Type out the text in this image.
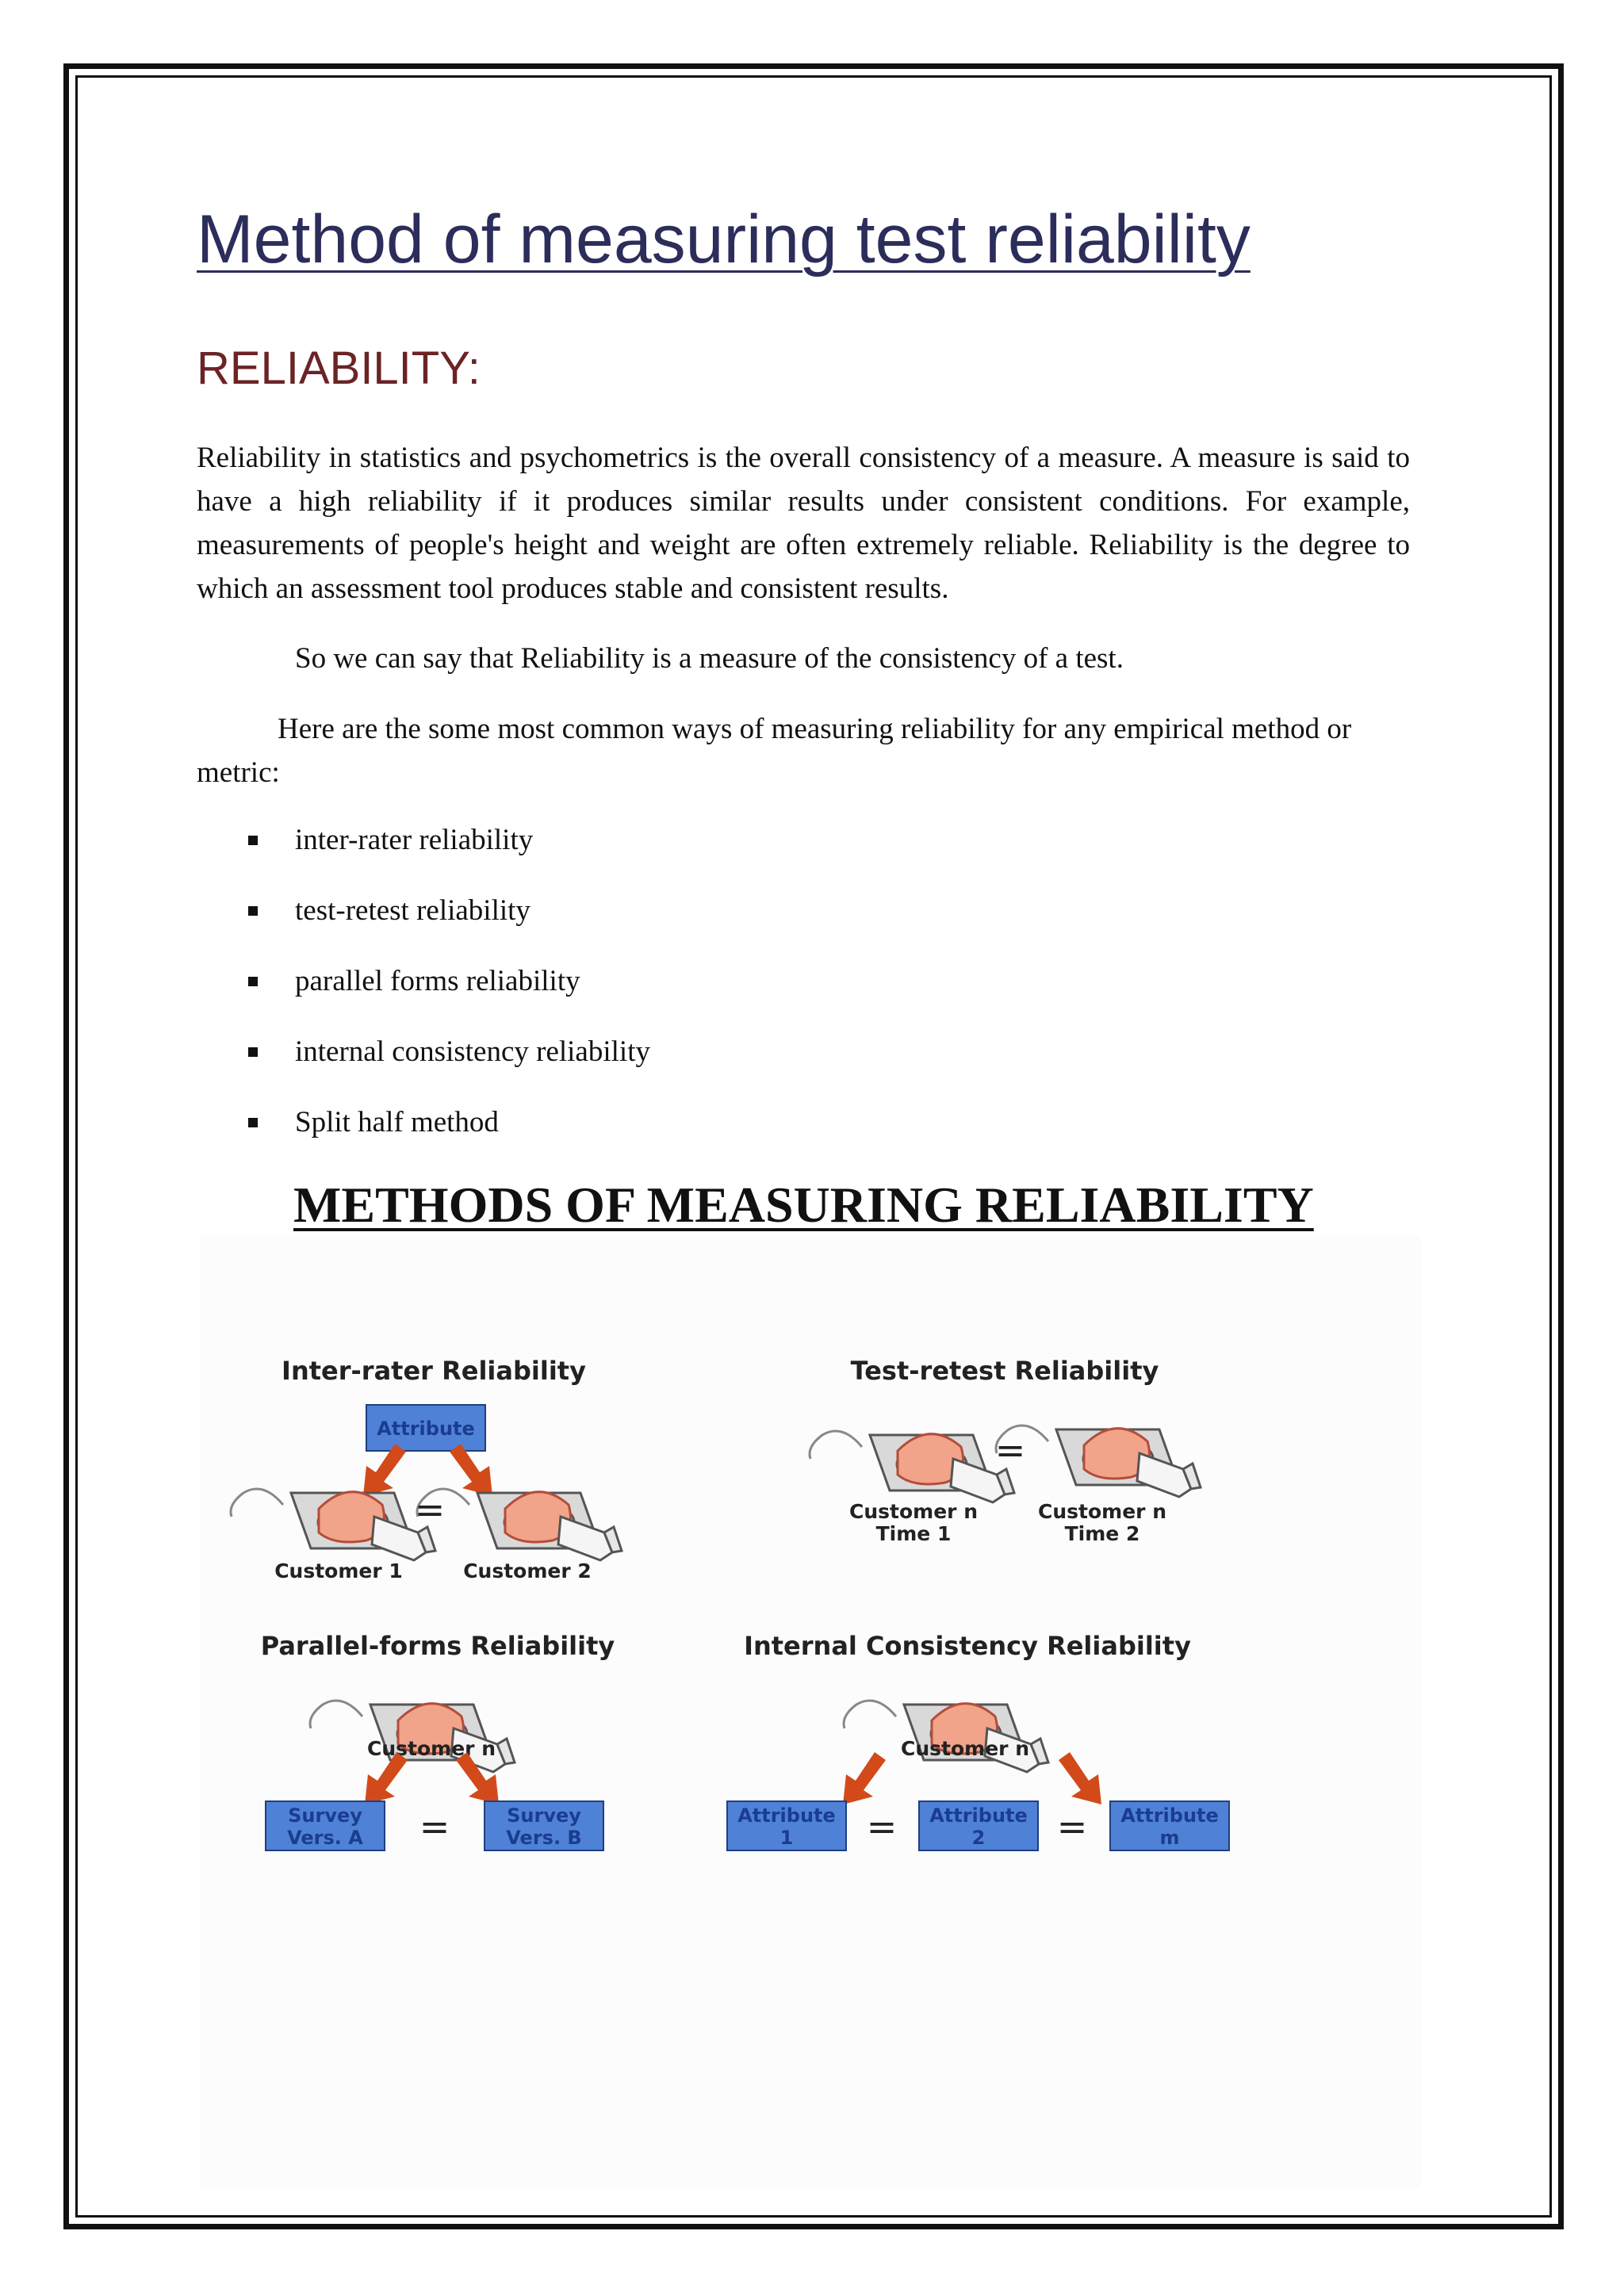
Method of measuring test reliability
RELIABILITY:

Reliability in statistics and psychometrics is the overall consistency of a measure. A measure is said to have a high reliability if it produces similar results under consistent conditions. For example, measurements of people's height and weight are often extremely reliable. Reliability is the degree to which an assessment tool produces stable and consistent results.

So we can say that Reliability is a measure of the consistency of a test.

Here are the some most common ways of measuring reliability for any empirical method or metric:

inter-rater reliability
test-retest reliability
parallel forms reliability
internal consistency reliability
Split half method
METHODS OF MEASURING RELIABILITY
Inter-rater Reliability
Attribute
=
Customer 1	Customer 2
Test-retest Reliability
=
Customer n
Time 1
Customer n
Time 2
Parallel-forms Reliability
Customer n
Survey
Vers. A =	Survey
Vers. B
Internal Consistency Reliability
Customer n
Attribute
1 = Attribute
2 = Attribute
m
